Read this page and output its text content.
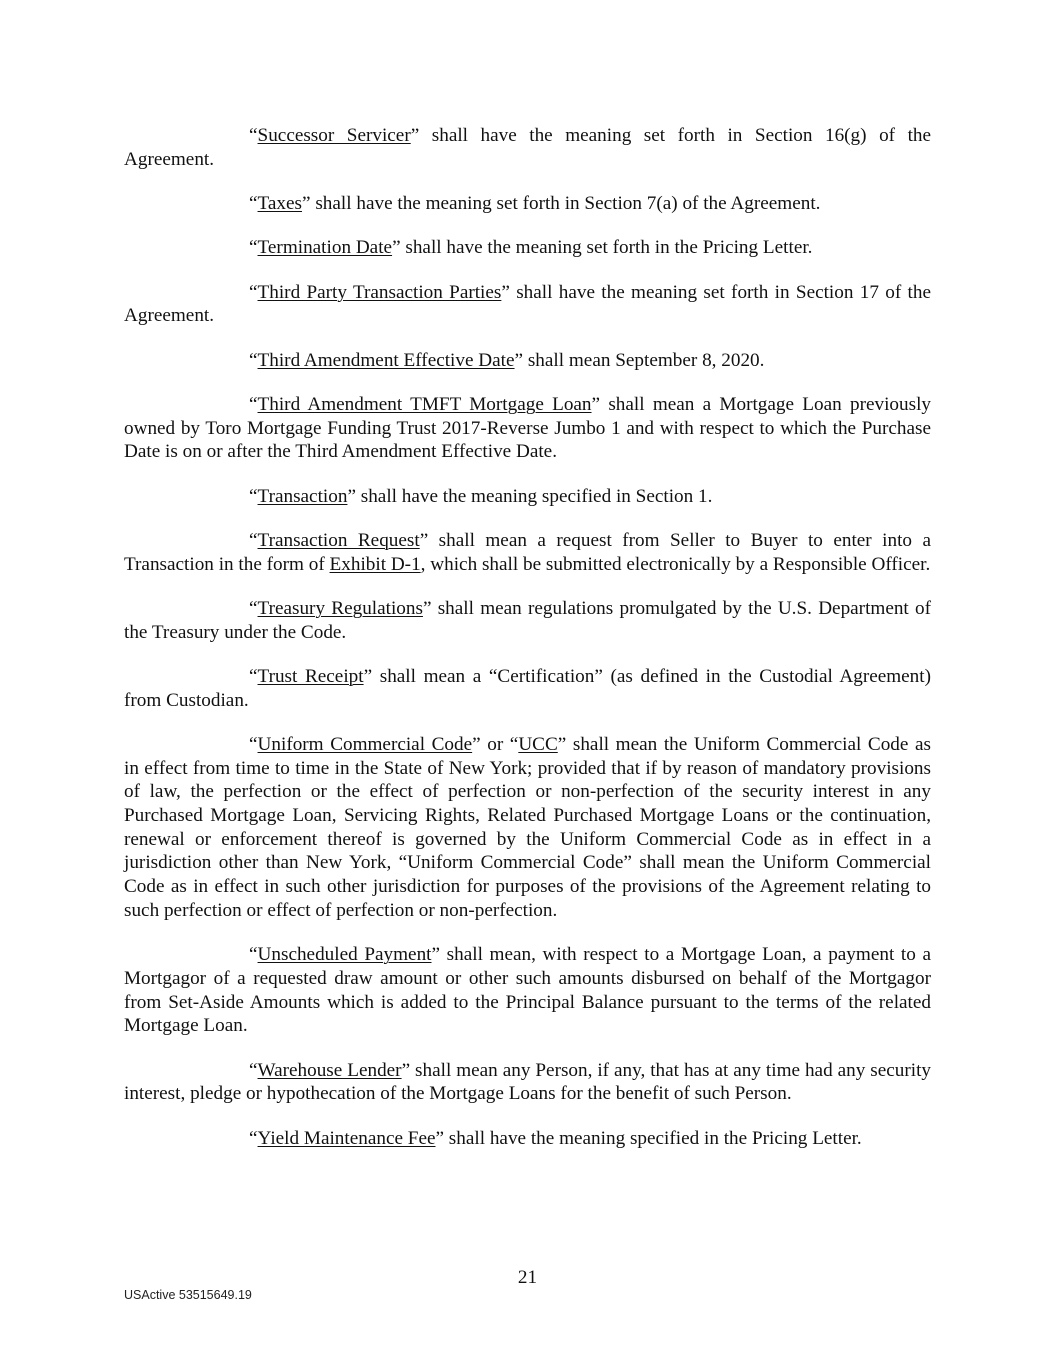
“Successor Servicer” shall have the meaning set forth in Section 16(g) of the Agreement.

“Taxes” shall have the meaning set forth in Section 7(a) of the Agreement.

“Termination Date” shall have the meaning set forth in the Pricing Letter.

“Third Party Transaction Parties” shall have the meaning set forth in Section 17 of the Agreement.

“Third Amendment Effective Date” shall mean September 8, 2020.

“Third Amendment TMFT Mortgage Loan” shall mean a Mortgage Loan previously owned by Toro Mortgage Funding Trust 2017-Reverse Jumbo 1 and with respect to which the Purchase Date is on or after the Third Amendment Effective Date.

“Transaction” shall have the meaning specified in Section 1.

“Transaction Request” shall mean a request from Seller to Buyer to enter into a Transaction in the form of Exhibit D-1, which shall be submitted electronically by a Responsible Officer.

“Treasury Regulations” shall mean regulations promulgated by the U.S. Department of the Treasury under the Code.

“Trust Receipt” shall mean a “Certification” (as defined in the Custodial Agreement) from Custodian.

“Uniform Commercial Code” or “UCC” shall mean the Uniform Commercial Code as in effect from time to time in the State of New York; provided that if by reason of mandatory provisions of law, the perfection or the effect of perfection or non-perfection of the security interest in any Purchased Mortgage Loan, Servicing Rights, Related Purchased Mortgage Loans or the continuation, renewal or enforcement thereof is governed by the Uniform Commercial Code as in effect in a jurisdiction other than New York, “Uniform Commercial Code” shall mean the Uniform Commercial Code as in effect in such other jurisdiction for purposes of the provisions of the Agreement relating to such perfection or effect of perfection or non-perfection.

“Unscheduled Payment” shall mean, with respect to a Mortgage Loan, a payment to a Mortgagor of a requested draw amount or other such amounts disbursed on behalf of the Mortgagor from Set-Aside Amounts which is added to the Principal Balance pursuant to the terms of the related Mortgage Loan.

“Warehouse Lender” shall mean any Person, if any, that has at any time had any security interest, pledge or hypothecation of the Mortgage Loans for the benefit of such Person.

“Yield Maintenance Fee” shall have the meaning specified in the Pricing Letter.

21
USActive 53515649.19
